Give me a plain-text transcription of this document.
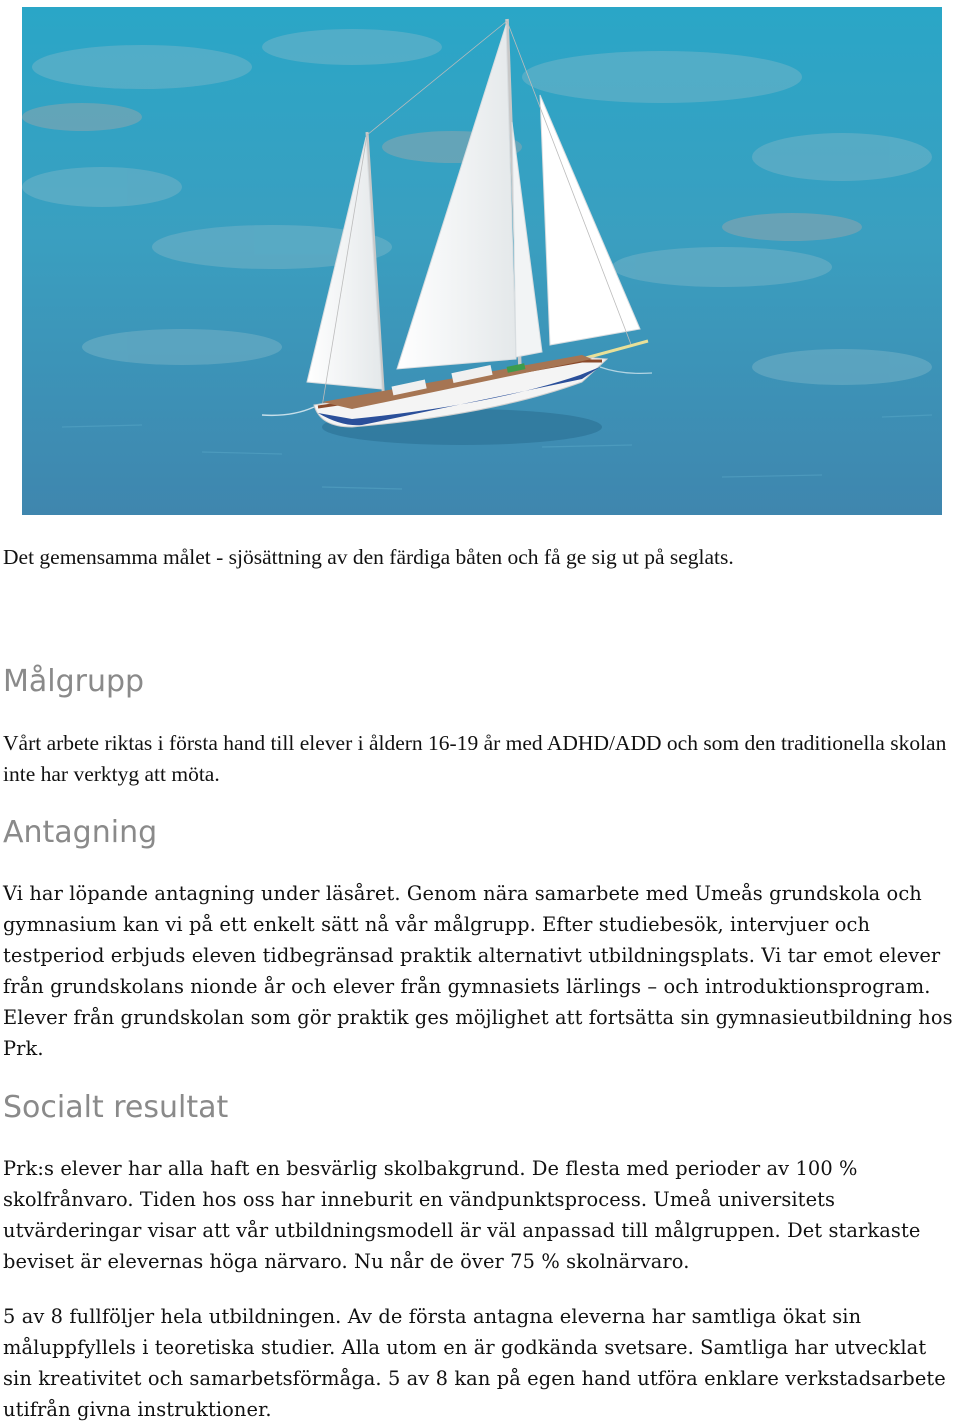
Det gemensamma målet - sjösättning av den färdiga båten och få ge sig ut på seglats.
Målgrupp

Vårt arbete riktas i första hand till elever i åldern 16-19 år med ADHD/ADD och som den traditionella skolan inte har verktyg att möta.

Antagning

Vi har löpande antagning under läsåret. Genom nära samarbete med Umeås grundskola och gymnasium kan vi på ett enkelt sätt nå vår målgrupp. Efter studiebesök, intervjuer och testperiod erbjuds eleven tidbegränsad praktik alternativt utbildningsplats. Vi tar emot elever från grundskolans nionde år och elever från gymnasiets lärlings – och introduktionsprogram. Elever från grundskolan som gör praktik ges möjlighet att fortsätta sin gymnasieutbildning hos Prk.

Socialt resultat

Prk:s elever har alla haft en besvärlig skolbakgrund. De flesta med perioder av 100 % skolfrånvaro. Tiden hos oss har inneburit en vändpunktsprocess. Umeå universitets utvärderingar visar att vår utbildningsmodell är väl anpassad till målgruppen. Det starkaste beviset är elevernas höga närvaro. Nu når de över 75 % skolnärvaro.

5 av 8 fullföljer hela utbildningen. Av de första antagna eleverna har samtliga ökat sin måluppfyllels i teoretiska studier. Alla utom en är godkända svetsare. Samtliga har utvecklat sin kreativitet och samarbetsförmåga. 5 av 8 kan på egen hand utföra enklare verkstadsarbete utifrån givna instruktioner.
